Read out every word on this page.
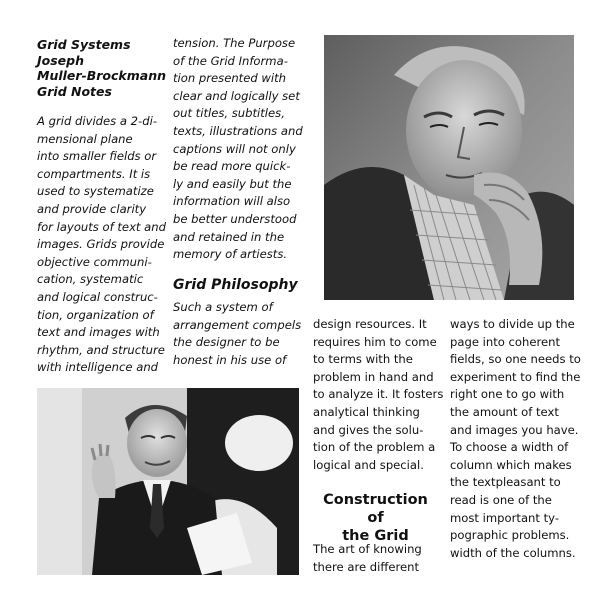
Grid Systems
Joseph
Muller-Brockmann
Grid Notes
A grid divides a 2-di-
mensional plane
into smaller fields or
compartments. It is
used to systematize
and provide clarity
for layouts of text and
images. Grids provide
objective communi-
cation, systematic
and logical construc-
tion, organization of
text and images with
rhythm, and structure
with intelligence and
tension. The Purpose
of the Grid Informa-
tion presented with
clear and logically set
out titles, subtitles,
texts, illustrations and
captions will not only
be read more quick-
ly and easily but the
information will also
be better understood
and retained in the
memory of artiests.
Grid Philosophy
Such a system of
arrangement compels
the designer to be
honest in his use of
design resources. It
requires him to come
to terms with the
problem in hand and
to analyze it. It fosters
analytical thinking
and gives the solu-
tion of the problem a
logical and special.
Construction of
the Grid
The art of knowing
there are different
ways to divide up the
page into coherent
fields, so one needs to
experiment to find the
right one to go with
the amount of text
and images you have.
To choose a width of
column which makes
the textpleasant to
read is one of the
most important ty-
pographic problems.
width of the columns.
